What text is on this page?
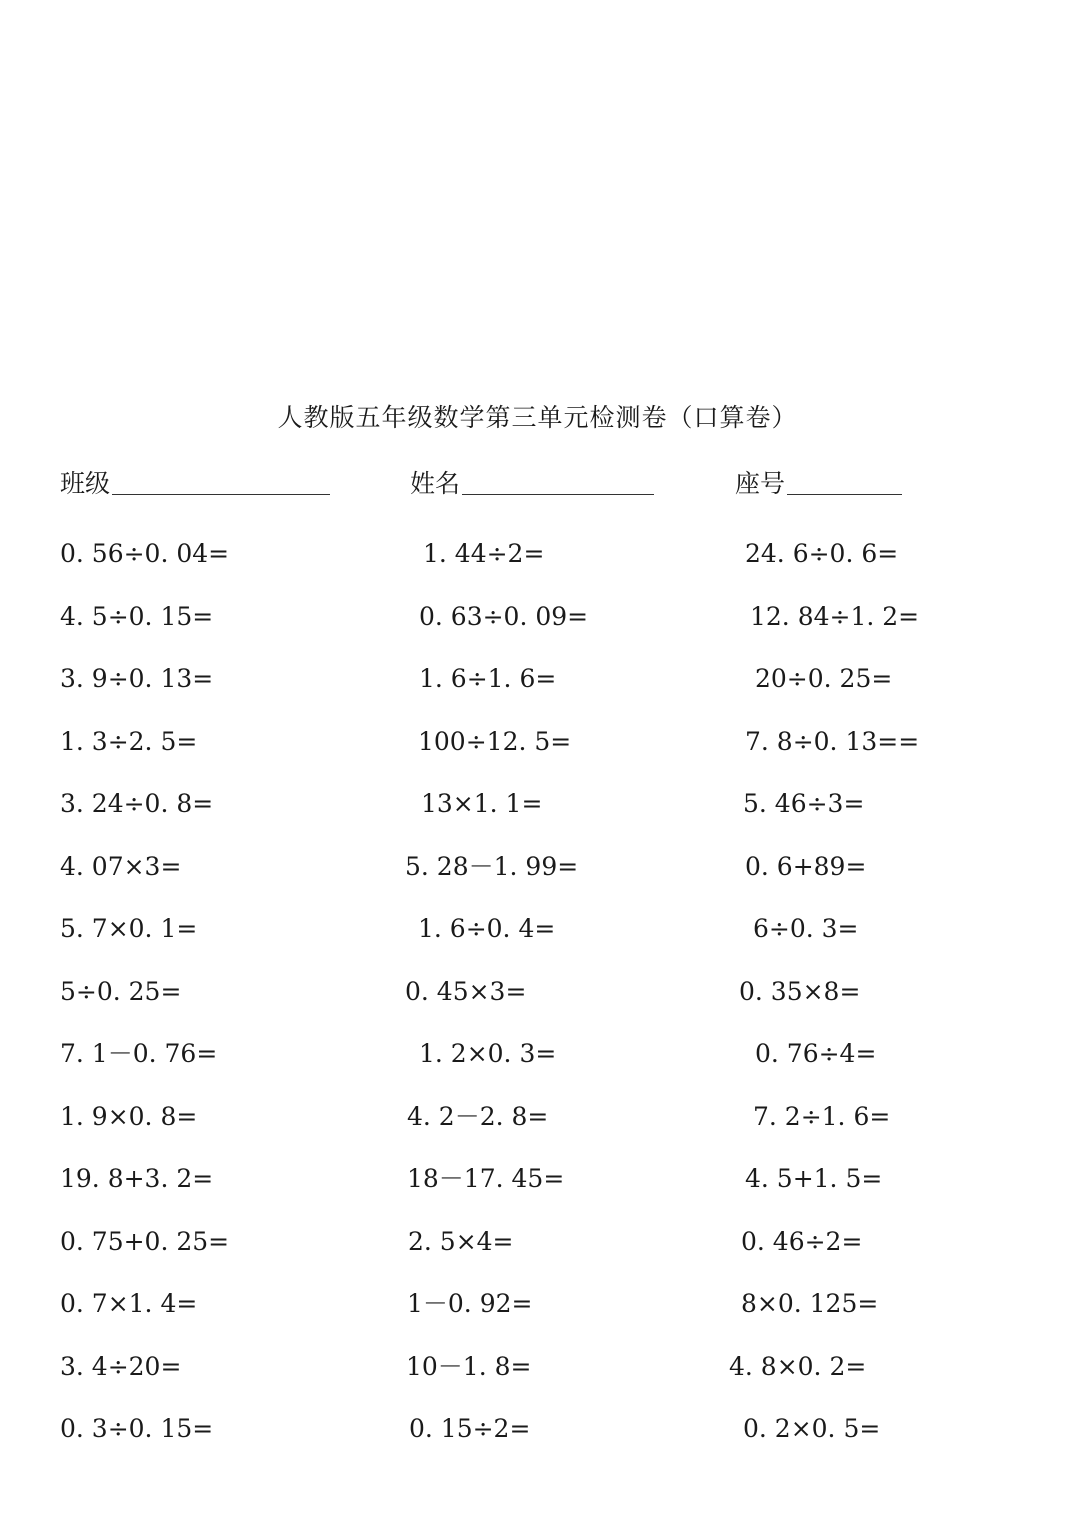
人教版五年级数学第三单元检测卷（口算卷）
班级	姓名	座号
0. 56÷0. 04=	1. 44÷2=	24. 6÷0. 6=
4. 5÷0. 15=	0. 63÷0. 09=	12. 84÷1. 2=
3. 9÷0. 13=	1. 6÷1. 6=	20÷0. 25=
1. 3÷2. 5=	100÷12. 5=	7. 8÷0. 13==
3. 24÷0. 8=	13×1. 1=	5. 46÷3=
4. 07×3=	5. 28－1. 99=	0. 6+89=
5. 7×0. 1=	1. 6÷0. 4=	6÷0. 3=
5÷0. 25=	0. 45×3=	0. 35×8=
7. 1－0. 76=	1. 2×0. 3=	0. 76÷4=
1. 9×0. 8=	4. 2－2. 8=	7. 2÷1. 6=
19. 8+3. 2=	18－17. 45=	4. 5+1. 5=
0. 75+0. 25=	2. 5×4=	0. 46÷2=
0. 7×1. 4=	1－0. 92=	8×0. 125=
3. 4÷20=	10－1. 8=	4. 8×0. 2=
0. 3÷0. 15=	0. 15÷2=	0. 2×0. 5=
